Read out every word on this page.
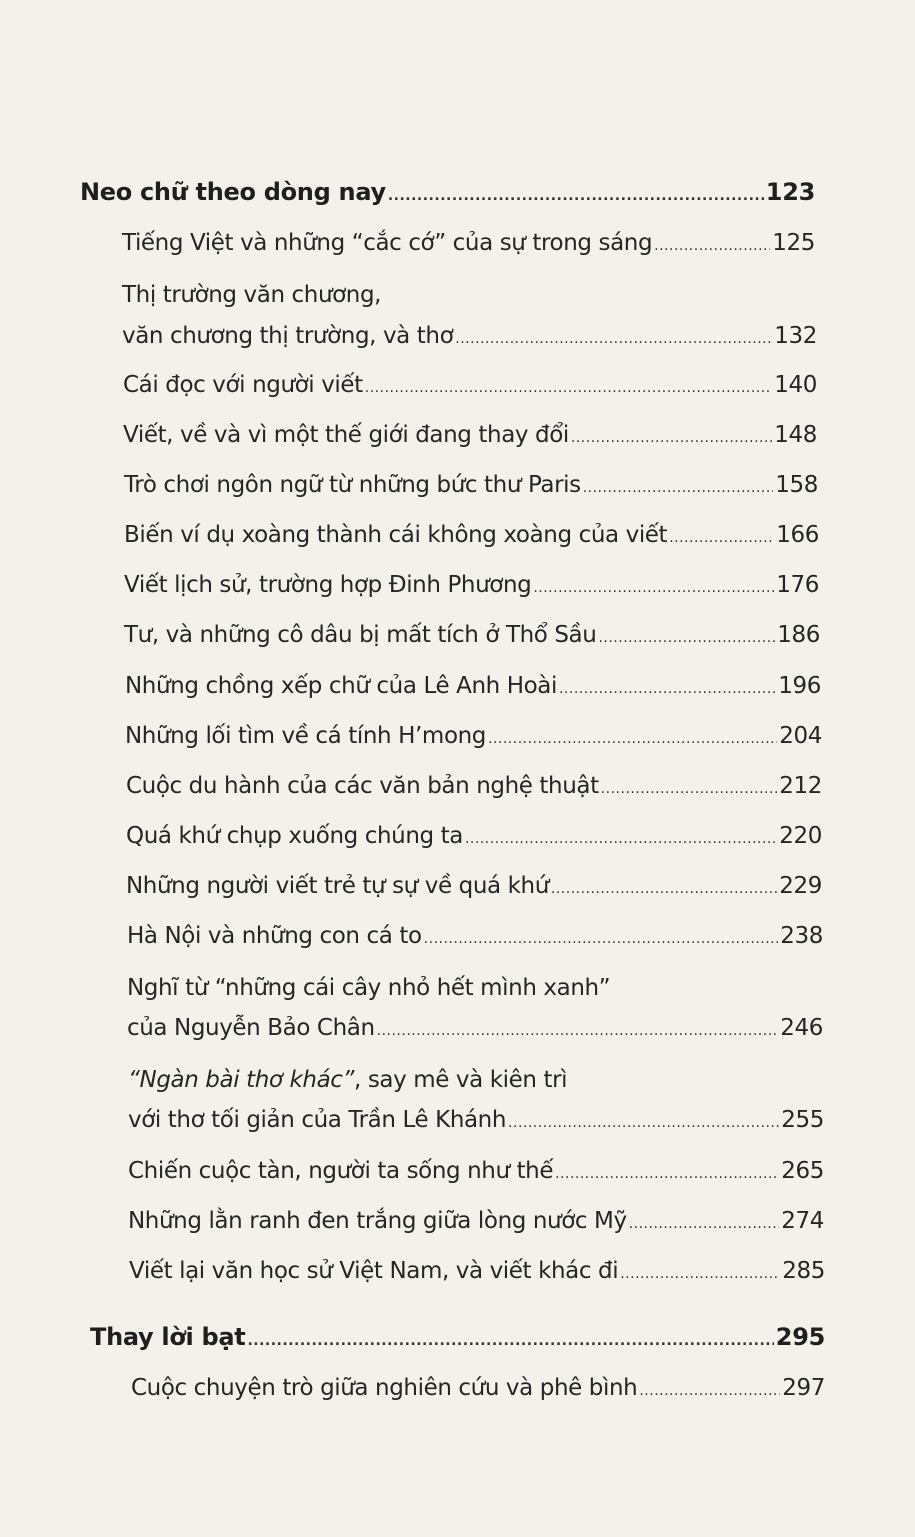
Neo chữ theo dòng nay .....	123
Tiếng Việt và những “cắc cớ” của sự trong sáng .....	125
Thị trường văn chương,
văn chương thị trường, và thơ .....	132
Cái đọc với người viết .....	140
Viết, về và vì một thế giới đang thay đổi .....	148
Trò chơi ngôn ngữ từ những bức thư Paris .....	158
Biến ví dụ xoàng thành cái không xoàng của viết .....	166
Viết lịch sử, trường hợp Đinh Phương .....	176
Tư, và những cô dâu bị mất tích ở Thổ Sầu .....	186
Những chồng xếp chữ của Lê Anh Hoài .....	196
Những lối tìm về cá tính H’mong .....	204
Cuộc du hành của các văn bản nghệ thuật .....	212
Quá khứ chụp xuống chúng ta .....	220
Những người viết trẻ tự sự về quá khứ .....	229
Hà Nội và những con cá to .....	238
Nghĩ từ “những cái cây nhỏ hết mình xanh”
của Nguyễn Bảo Chân .....	246
“Ngàn bài thơ khác”, say mê và kiên trì
với thơ tối giản của Trần Lê Khánh .....	255
Chiến cuộc tàn, người ta sống như thế .....	265
Những lằn ranh đen trắng giữa lòng nước Mỹ .....	274
Viết lại văn học sử Việt Nam, và viết khác đi .....	285
Thay lời bạt .....	295
Cuộc chuyện trò giữa nghiên cứu và phê bình .....	297
